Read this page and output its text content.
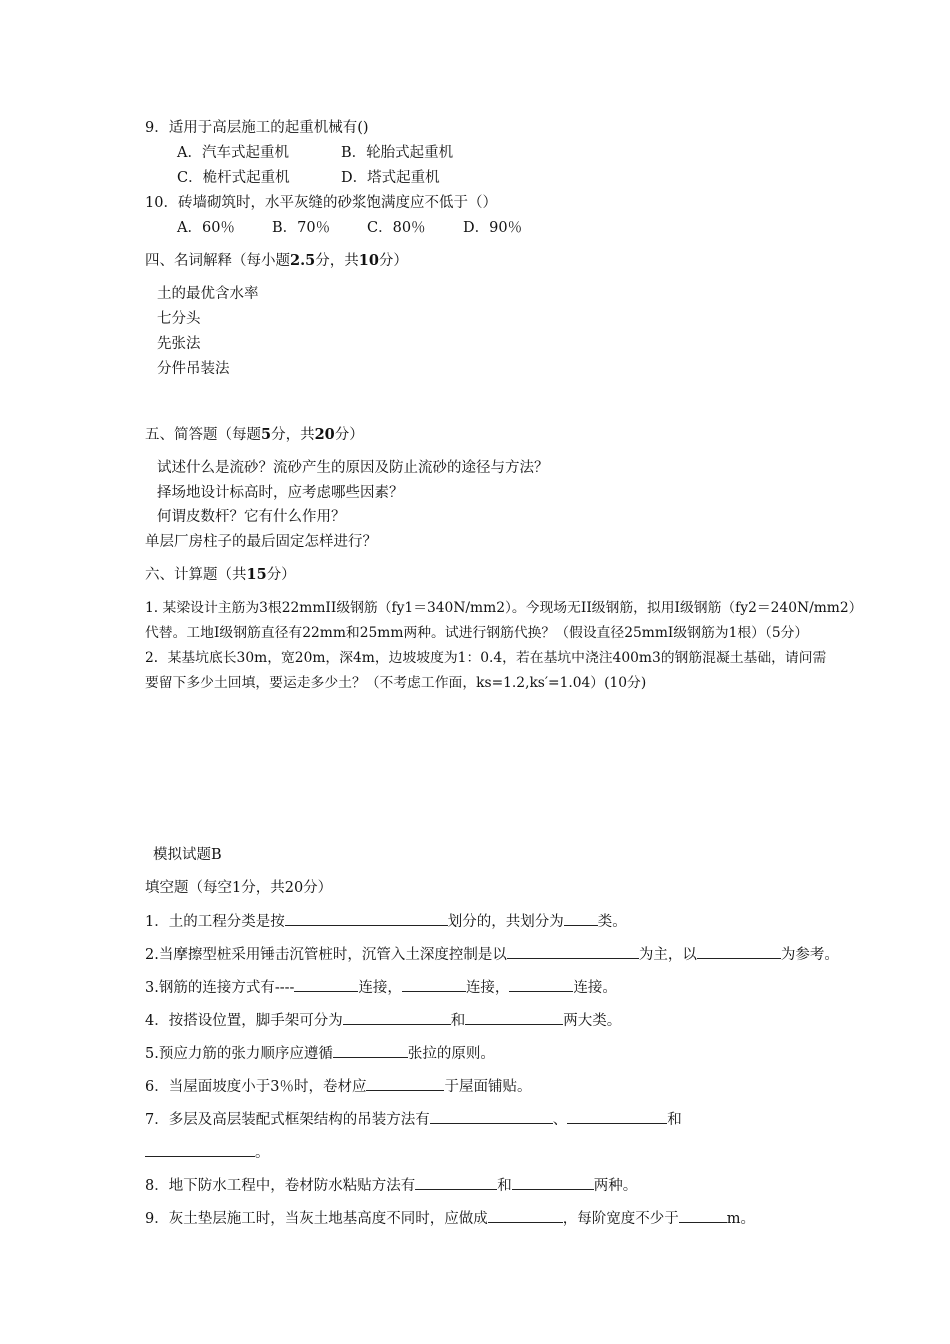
9．适用于高层施工的起重机械有()
A．汽车式起重机	B．轮胎式起重机
C．桅杆式起重机	D．塔式起重机
10．砖墙砌筑时，水平灰缝的砂浆饱满度应不低于（）
A．60％	B．70％	C．80％	D．90％
四、名词解释（每小题2.5分，共10分）
土的最优含水率
七分头
先张法
分件吊装法
五、简答题（每题5分，共20分）
试述什么是流砂？流砂产生的原因及防止流砂的途径与方法？
择场地设计标高时，应考虑哪些因素？
何谓皮数杆？它有什么作用？
单层厂房柱子的最后固定怎样进行？
六、计算题（共15分）
1. 某梁设计主筋为3根22mmII级钢筋（fy1＝340N/mm2）。今现场无II级钢筋，拟用Ⅰ级钢筋（fy2＝240N/mm2）
代替。工地Ⅰ级钢筋直径有22mm和25mm两种。试进行钢筋代换？（假设直径25mmⅠ级钢筋为1根）（5分）
2．某基坑底长30m，宽20m，深4m，边坡坡度为1：0.4，若在基坑中浇注400m3的钢筋混凝土基础，请问需
要留下多少土回填，要运走多少土？（不考虑工作面，ks=1.2,ks′=1.04）(10分)
模拟试题B
填空题（每空1分，共20分）
1．土的工程分类是按	划分的，共划分为 类。
2.当摩擦型桩采用锤击沉管桩时，沉管入土深度控制是以	为主，以	为参考。
3.钢筋的连接方式有----	连接，	连接，	连接。
4．按搭设位置，脚手架可分为	和	两大类。
5.预应力筋的张力顺序应遵循	张拉的原则。
6．当屋面坡度小于3％时，卷材应	于屋面铺贴。
7．多层及高层装配式框架结构的吊装方法有	、	和
。
8．地下防水工程中，卷材防水粘贴方法有	和	两种。
9．灰土垫层施工时，当灰土地基高度不同时，应做成	，每阶宽度不少于	m。
